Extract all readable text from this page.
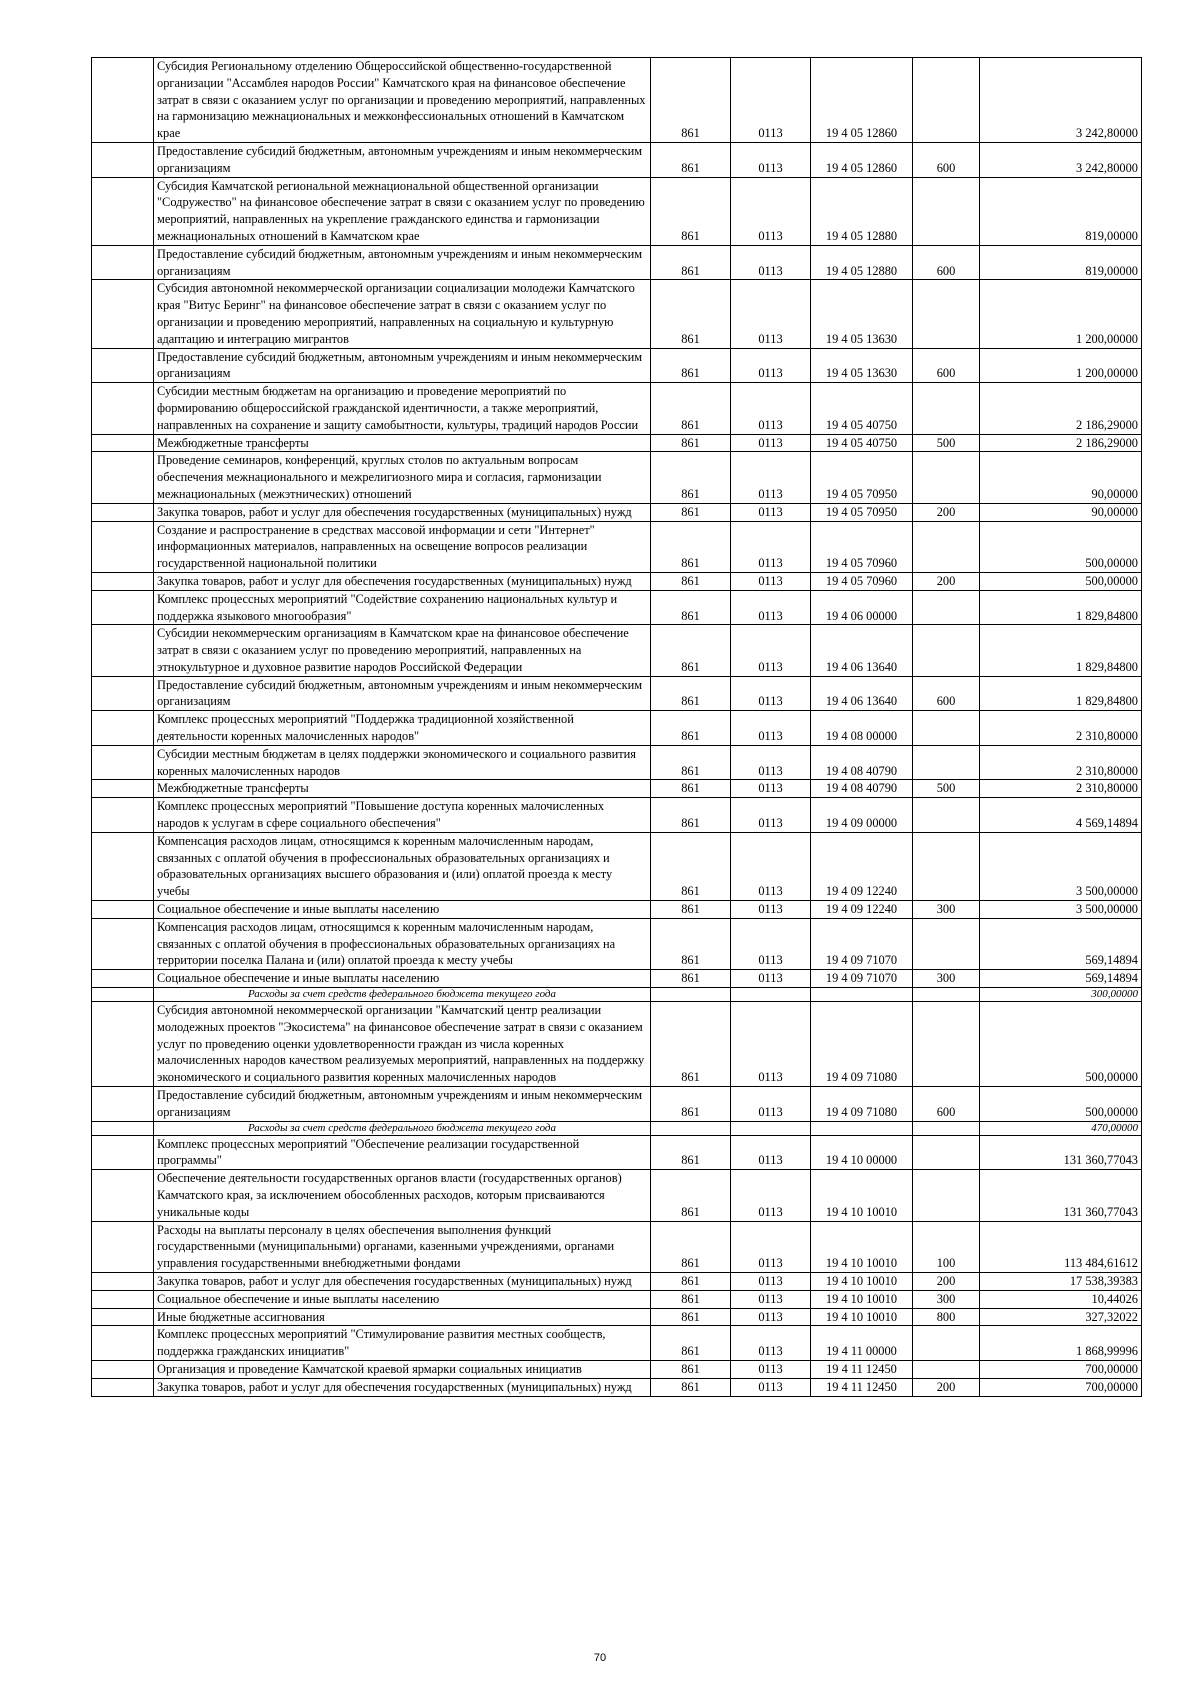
	Субсидия Региональному отделению Общероссийской общественно-государственной организации "Ассамблея народов России" Камчатского края на финансовое обеспечение затрат в связи с оказанием услуг по организации и проведению мероприятий, направленных на гармонизацию межнациональных и межконфессиональных отношений в Камчатском крае	861	0113	19 4 05 12860		3 242,80000
	Предоставление субсидий бюджетным, автономным учреждениям и иным некоммерческим организациям	861	0113	19 4 05 12860	600	3 242,80000
	Субсидия Камчатской региональной межнациональной общественной организации "Содружество" на финансовое обеспечение затрат в связи с оказанием услуг по проведению мероприятий, направленных на укрепление гражданского единства и гармонизации межнациональных отношений в Камчатском крае	861	0113	19 4 05 12880		819,00000
	Предоставление субсидий бюджетным, автономным учреждениям и иным некоммерческим организациям	861	0113	19 4 05 12880	600	819,00000
	Субсидия автономной некоммерческой организации социализации молодежи Камчатского края "Витус Беринг" на финансовое обеспечение затрат в связи с оказанием услуг по организации и проведению мероприятий, направленных на социальную и культурную адаптацию и интеграцию мигрантов	861	0113	19 4 05 13630		1 200,00000
	Предоставление субсидий бюджетным, автономным учреждениям и иным некоммерческим организациям	861	0113	19 4 05 13630	600	1 200,00000
	Субсидии местным бюджетам на организацию и проведение мероприятий по формированию общероссийской гражданской идентичности, а также мероприятий, направленных на сохранение и защиту самобытности, культуры, традиций народов России	861	0113	19 4 05 40750		2 186,29000
	Межбюджетные трансферты	861	0113	19 4 05 40750	500	2 186,29000
	Проведение семинаров, конференций, круглых столов по актуальным вопросам обеспечения межнационального и межрелигиозного мира и согласия, гармонизации межнациональных (межэтнических) отношений	861	0113	19 4 05 70950		90,00000
	Закупка товаров, работ и услуг для обеспечения государственных (муниципальных) нужд	861	0113	19 4 05 70950	200	90,00000
	Создание и распространение в средствах массовой информации и сети "Интернет" информационных материалов, направленных на освещение вопросов реализации государственной национальной политики	861	0113	19 4 05 70960		500,00000
	Закупка товаров, работ и услуг для обеспечения государственных (муниципальных) нужд	861	0113	19 4 05 70960	200	500,00000
	Комплекс процессных мероприятий "Содействие сохранению национальных культур и поддержка языкового многообразия"	861	0113	19 4 06 00000		1 829,84800
	Субсидии некоммерческим организациям в Камчатском крае на финансовое обеспечение затрат в связи с оказанием услуг по проведению мероприятий, направленных на этнокультурное и духовное развитие народов Российской Федерации	861	0113	19 4 06 13640		1 829,84800
	Предоставление субсидий бюджетным, автономным учреждениям и иным некоммерческим организациям	861	0113	19 4 06 13640	600	1 829,84800
	Комплекс процессных мероприятий "Поддержка традиционной хозяйственной деятельности коренных малочисленных народов"	861	0113	19 4 08 00000		2 310,80000
	Субсидии местным бюджетам в целях поддержки экономического и социального развития коренных малочисленных народов	861	0113	19 4 08 40790		2 310,80000
	Межбюджетные трансферты	861	0113	19 4 08 40790	500	2 310,80000
	Комплекс процессных мероприятий "Повышение доступа коренных малочисленных народов к услугам в сфере социального обеспечения"	861	0113	19 4 09 00000		4 569,14894
	Компенсация расходов лицам, относящимся к коренным малочисленным народам, связанных с оплатой обучения в профессиональных образовательных организациях и образовательных организациях высшего образования и (или) оплатой проезда к месту учебы	861	0113	19 4 09 12240		3 500,00000
	Социальное обеспечение и иные выплаты населению	861	0113	19 4 09 12240	300	3 500,00000
	Компенсация расходов лицам, относящимся к коренным малочисленным народам, связанных с оплатой обучения в профессиональных образовательных организациях на территории поселка Палана и (или) оплатой проезда к месту учебы	861	0113	19 4 09 71070		569,14894
	Социальное обеспечение и иные выплаты населению	861	0113	19 4 09 71070	300	569,14894
	Расходы за счет средств федерального бюджета текущего года					300,00000
	Субсидия автономной некоммерческой организации "Камчатский центр реализации молодежных проектов "Экосистема" на финансовое обеспечение затрат в связи с оказанием услуг по проведению оценки удовлетворенности граждан из числа коренных малочисленных народов качеством реализуемых мероприятий, направленных на поддержку экономического и социального развития коренных малочисленных народов	861	0113	19 4 09 71080		500,00000
	Предоставление субсидий бюджетным, автономным учреждениям и иным некоммерческим организациям	861	0113	19 4 09 71080	600	500,00000
	Расходы за счет средств федерального бюджета текущего года					470,00000
	Комплекс процессных мероприятий "Обеспечение реализации государственной программы"	861	0113	19 4 10 00000		131 360,77043
	Обеспечение деятельности государственных органов власти (государственных органов) Камчатского края, за исключением обособленных расходов, которым присваиваются уникальные коды	861	0113	19 4 10 10010		131 360,77043
	Расходы на выплаты персоналу в целях обеспечения выполнения функций государственными (муниципальными) органами, казенными учреждениями, органами управления государственными внебюджетными фондами	861	0113	19 4 10 10010	100	113 484,61612
	Закупка товаров, работ и услуг для обеспечения государственных (муниципальных) нужд	861	0113	19 4 10 10010	200	17 538,39383
	Социальное обеспечение и иные выплаты населению	861	0113	19 4 10 10010	300	10,44026
	Иные бюджетные ассигнования	861	0113	19 4 10 10010	800	327,32022
	Комплекс процессных мероприятий "Стимулирование развития местных сообществ, поддержка гражданских инициатив"	861	0113	19 4 11 00000		1 868,99996
	Организация и проведение Камчатской краевой ярмарки социальных инициатив	861	0113	19 4 11 12450		700,00000
	Закупка товаров, работ и услуг для обеспечения государственных (муниципальных) нужд	861	0113	19 4 11 12450	200	700,00000
70
